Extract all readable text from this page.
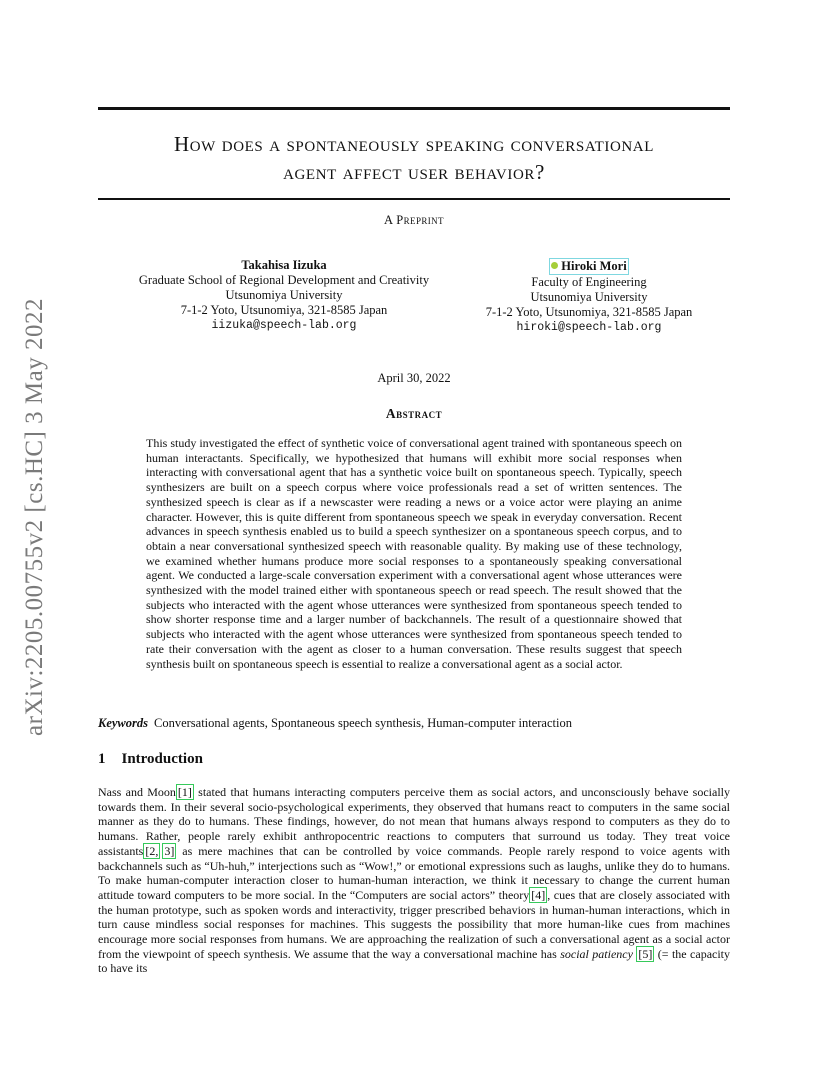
arXiv:2205.00755v2 [cs.HC] 3 May 2022
How does a spontaneously speaking conversational
agent affect user behavior?
A Preprint
Takahisa Iizuka
Graduate School of Regional Development and Creativity
Utsunomiya University
7-1-2 Yoto, Utsunomiya, 321-8585 Japan
iizuka@speech-lab.org
Hiroki Mori
Faculty of Engineering
Utsunomiya University
7-1-2 Yoto, Utsunomiya, 321-8585 Japan
hiroki@speech-lab.org
April 30, 2022
Abstract

This study investigated the effect of synthetic voice of conversational agent trained with spontaneous speech on human interactants. Specifically, we hypothesized that humans will exhibit more social responses when interacting with conversational agent that has a synthetic voice built on spontaneous speech. Typically, speech synthesizers are built on a speech corpus where voice professionals read a set of written sentences. The synthesized speech is clear as if a newscaster were reading a news or a voice actor were playing an anime character. However, this is quite different from spontaneous speech we speak in everyday conversation. Recent advances in speech synthesis enabled us to build a speech synthesizer on a spontaneous speech corpus, and to obtain a near conversational synthesized speech with reasonable quality. By making use of these technology, we examined whether humans produce more social responses to a spontaneously speaking conversational agent. We conducted a large-scale conversation experiment with a conversational agent whose utterances were synthesized with the model trained either with spontaneous speech or read speech. The result showed that the subjects who interacted with the agent whose utterances were synthesized from spontaneous speech tended to show shorter response time and a larger number of backchannels. The result of a questionnaire showed that subjects who interacted with the agent whose utterances were synthesized from spontaneous speech tended to rate their conversation with the agent as closer to a human conversation. These results suggest that speech synthesis built on spontaneous speech is essential to realize a conversational agent as a social actor.

Keywords Conversational agents, Spontaneous speech synthesis, Human-computer interaction
1 Introduction

Nass and Moon [1] stated that humans interacting computers perceive them as social actors, and unconsciously behave socially towards them. In their several socio-psychological experiments, they observed that humans react to computers in the same social manner as they do to humans. These findings, however, do not mean that humans always respond to computers as they do to humans. Rather, people rarely exhibit anthropocentric reactions to computers that surround us today. They treat voice assistants [2, 3] as mere machines that can be controlled by voice commands. People rarely respond to voice agents with backchannels such as “Uh-huh,” interjections such as “Wow!,” or emotional expressions such as laughs, unlike they do to humans. To make human-computer interaction closer to human-human interaction, we think it necessary to change the current human attitude toward computers to be more social. In the “Computers are social actors” theory [4] , cues that are closely associated with the human prototype, such as spoken words and interactivity, trigger prescribed behaviors in human-human interactions, which in turn cause mindless social responses for machines. This suggests the possibility that more human-like cues from machines encourage more social responses from humans. We are approaching the realization of such a conversational agent as a social actor from the viewpoint of speech synthesis. We assume that the way a conversational machine has social patiency [5] (= the capacity to have its
